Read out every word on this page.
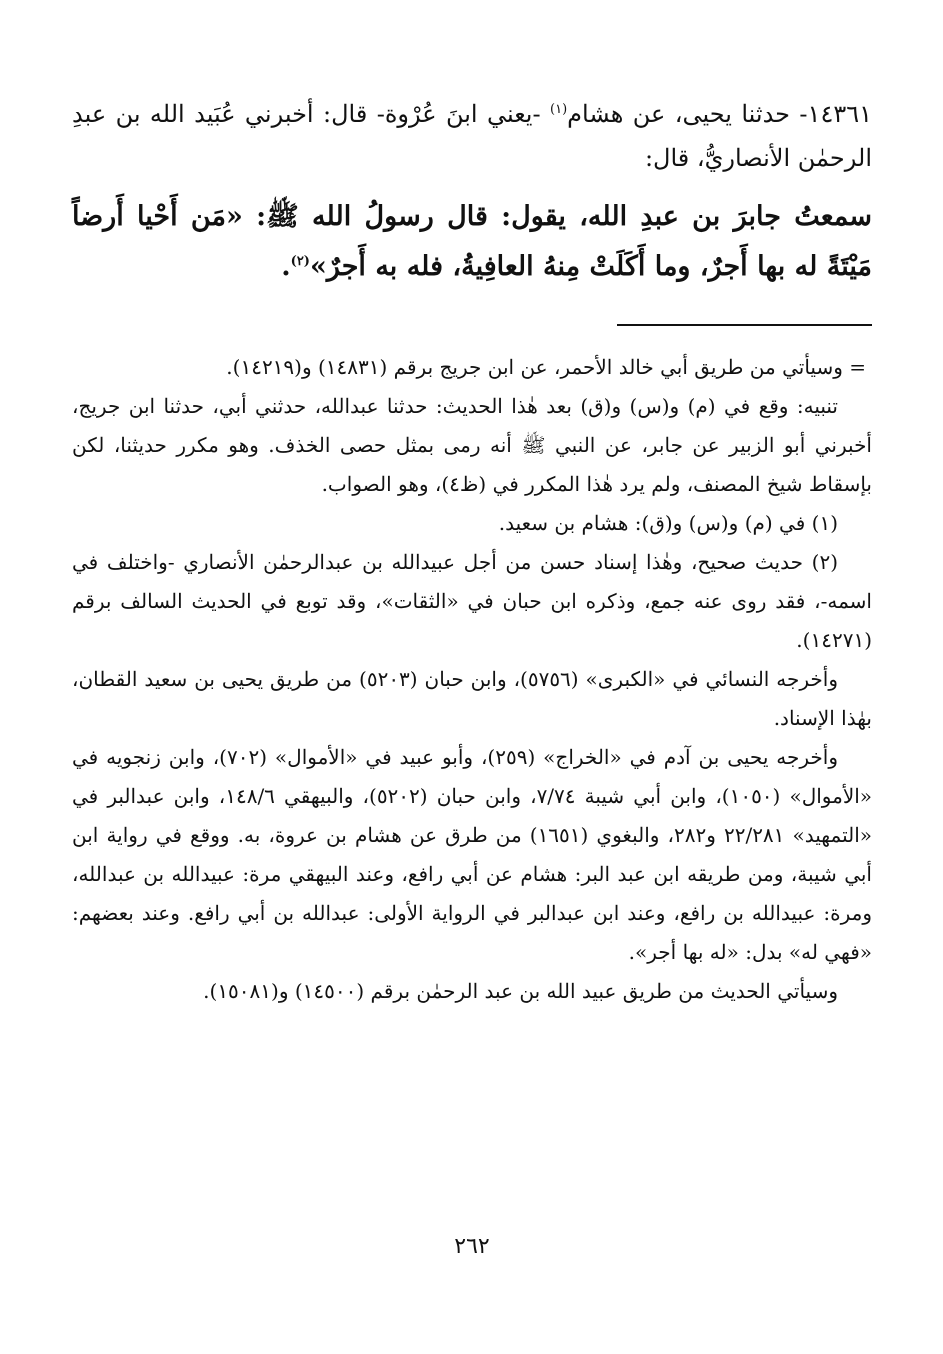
١٤٣٦١- حدثنا يحيى، عن هشام$^{(١)}$ -يعني ابنَ عُرْوة- قال: أخبرني عُبَيد الله بن عبدِ الرحمٰن الأنصاريُّ، قال:

سمعتُ جابرَ بن عبدِ الله، يقول: قال رسولُ الله ﷺ: «مَن أَحْيا أَرضاً مَيْتَةً له بها أَجرٌ، وما أَكَلَتْ مِنهُ العافِيةُ، فله به أَجرٌ»$^{(٢)}$.

= وسيأتي من طريق أبي خالد الأحمر، عن ابن جريج برقم (١٤٨٣١) و(١٤٢١٩).

تنبيه: وقع في (م) و(س) و(ق) بعد هٰذا الحديث: حدثنا عبدالله، حدثني أبي، حدثنا ابن جريج، أخبرني أبو الزبير عن جابر، عن النبي ﷺ أنه رمى بمثل حصى الخذف. وهو مكرر حديثنا، لكن بإسقاط شيخ المصنف، ولم يرد هٰذا المكرر في (ظ٤)، وهو الصواب.

(١) في (م) و(س) و(ق): هشام بن سعيد.

(٢) حديث صحيح، وهٰذا إسناد حسن من أجل عبيدالله بن عبدالرحمٰن الأنصاري -واختلف في اسمه-، فقد روى عنه جمع، وذكره ابن حبان في «الثقات»، وقد توبع في الحديث السالف برقم (١٤٢٧١).

وأخرجه النسائي في «الكبرى» (٥٧٥٦)، وابن حبان (٥٢٠٣) من طريق يحيى بن سعيد القطان، بهٰذا الإسناد.

وأخرجه يحيى بن آدم في «الخراج» (٢٥٩)، وأبو عبيد في «الأموال» (٧٠٢)، وابن زنجويه في «الأموال» (١٠٥٠)، وابن أبي شيبة ٧/٧٤، وابن حبان (٥٢٠٢)، والبيهقي ١٤٨/٦، وابن عبدالبر في «التمهيد» ٢٢/٢٨١ و٢٨٢، والبغوي (١٦٥١) من طرق عن هشام بن عروة، به. ووقع في رواية ابن أبي شيبة، ومن طريقه ابن عبد البر: هشام عن أبي رافع، وعند البيهقي مرة: عبيدالله بن عبدالله، ومرة: عبيدالله بن رافع، وعند ابن عبدالبر في الرواية الأولى: عبدالله بن أبي رافع. وعند بعضهم: «فهي له» بدل: «له بها أجر».

وسيأتي الحديث من طريق عبيد الله بن عبد الرحمٰن برقم (١٤٥٠٠) و(١٥٠٨١).

٢٦٢
